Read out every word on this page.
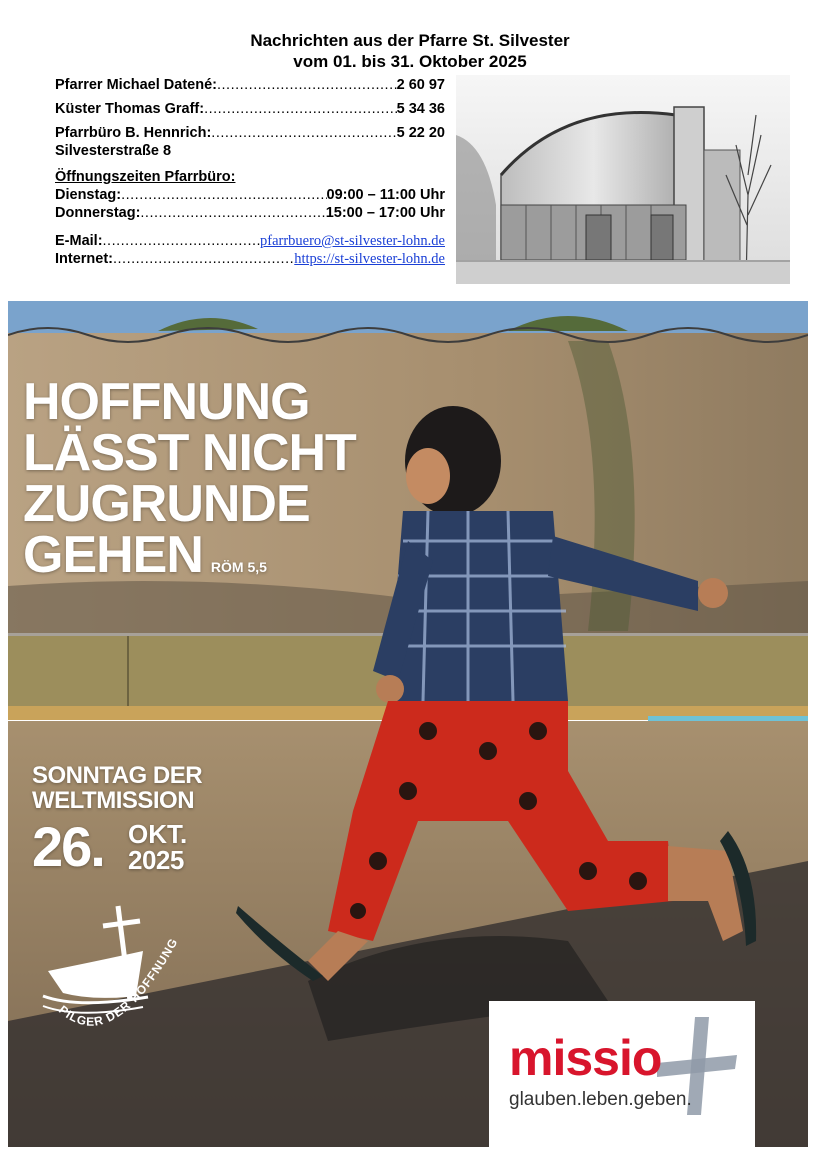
Nachrichten aus der Pfarre St. Silvester
vom 01. bis 31. Oktober 2025
Pfarrer Michael Datené: .....	2 60 97
Küster Thomas Graff: .....	5 34 36
Pfarrbüro B. Hennrich: .....	5 22 20
Silvesterstraße 8
Öffnungszeiten Pfarrbüro:
Dienstag: .....	09:00 – 11:00 Uhr
Donnerstag: .....	15:00 – 17:00 Uhr
E-Mail: .....	pfarrbuero@st-silvester-lohn.de
Internet: .....	https://st-silvester-lohn.de
HOFFNUNG
LÄSST NICHT
ZUGRUNDE
GEHEN RÖM 5,5
SONNTAG DER
WELTMISSION
26. OKT.
2025
PILGER DER HOFFNUNG
missio
glauben.leben.geben.
